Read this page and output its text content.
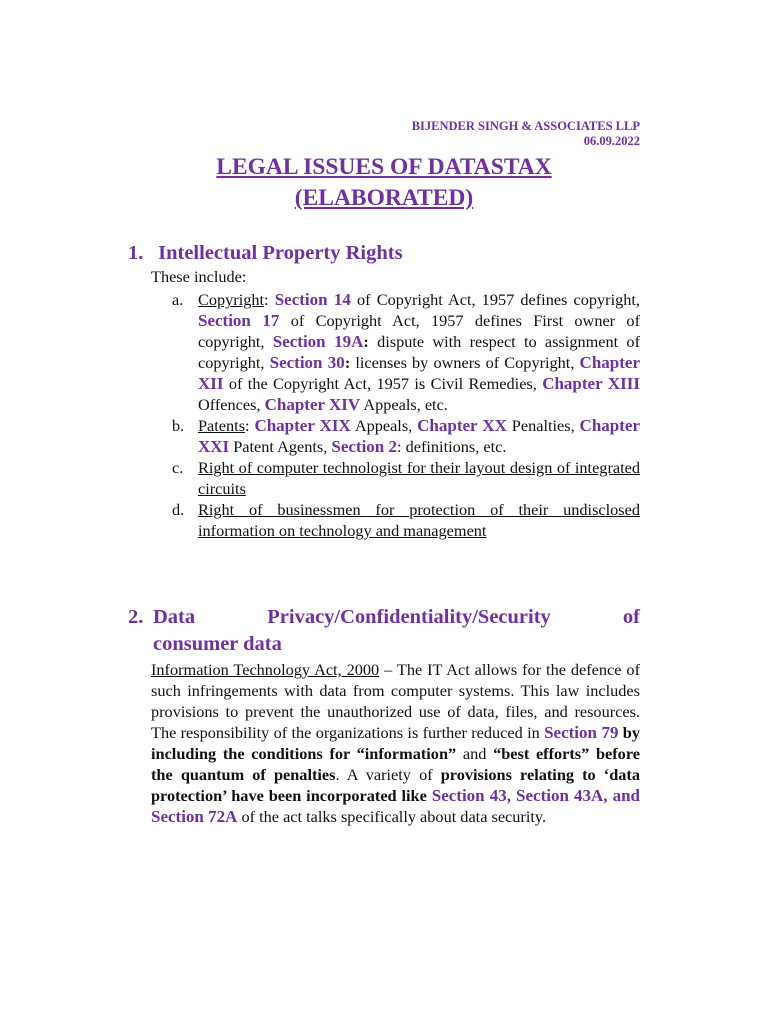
BIJENDER SINGH & ASSOCIATES LLP
06.09.2022
LEGAL ISSUES OF DATASTAX
(ELABORATED)
1. Intellectual Property Rights
These include:
a. Copyright: Section 14 of Copyright Act, 1957 defines copyright, Section 17 of Copyright Act, 1957 defines First owner of copyright, Section 19A: dispute with respect to assignment of copyright, Section 30: licenses by owners of Copyright, Chapter XII of the Copyright Act, 1957 is Civil Remedies, Chapter XIII Offences, Chapter XIV Appeals, etc.
b. Patents: Chapter XIX Appeals, Chapter XX Penalties, Chapter XXI Patent Agents, Section 2: definitions, etc.
c. Right of computer technologist for their layout design of integrated circuits
d. Right of businessmen for protection of their undisclosed information on technology and management
2. Data	Privacy/Confidentiality/Security	of
consumer data
Information Technology Act, 2000 – The IT Act allows for the defence of such infringements with data from computer systems. This law includes provisions to prevent the unauthorized use of data, files, and resources. The responsibility of the organizations is further reduced in Section 79 by including the conditions for “information” and “best efforts” before the quantum of penalties. A variety of provisions relating to ‘data protection’ have been incorporated like Section 43, Section 43A, and Section 72A of the act talks specifically about data security.
